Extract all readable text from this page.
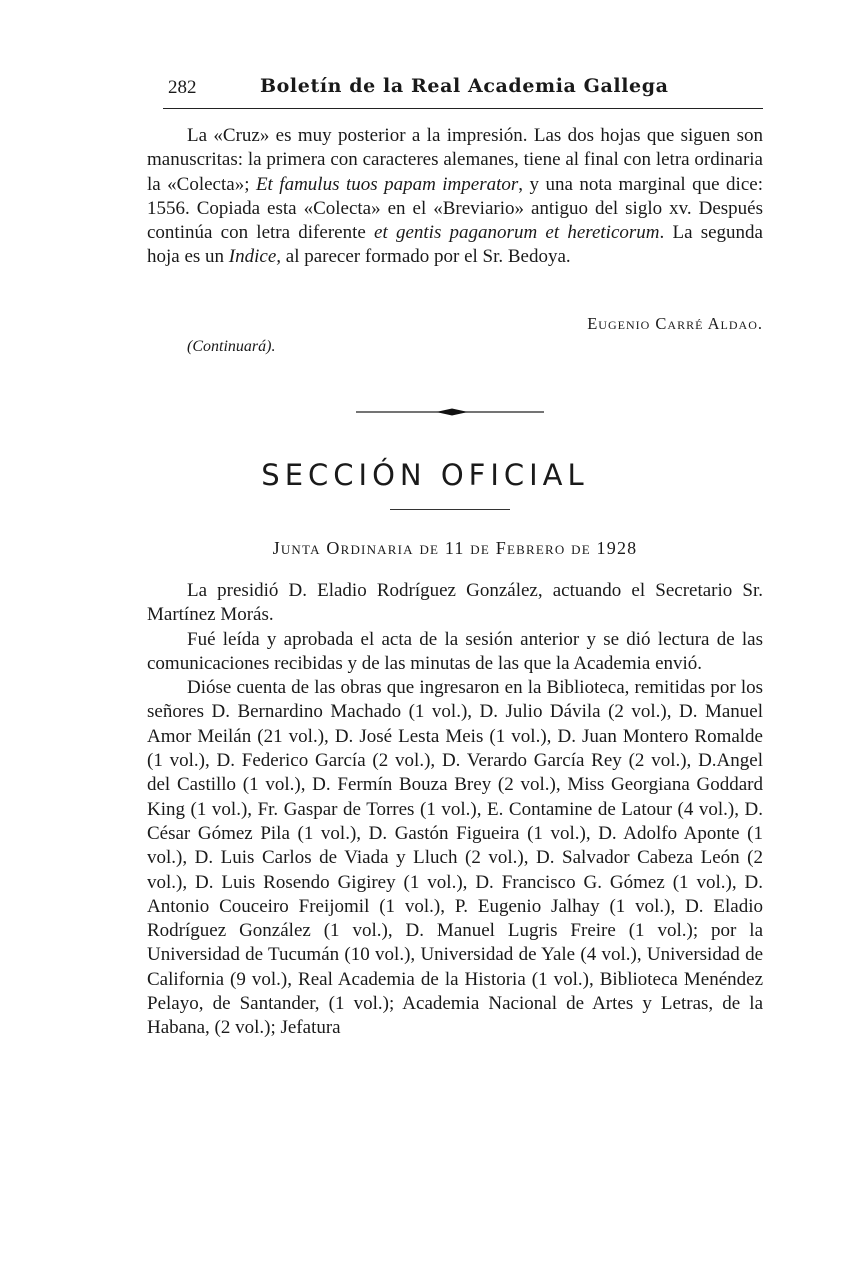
282	Boletín de la Real Academia Gallega

La «Cruz» es muy posterior a la impresión. Las dos hojas que siguen son manuscritas: la primera con caracteres alemanes, tiene al final con letra ordinaria la «Colecta»; Et famulus tuos papam imperator, y una nota marginal que dice: 1556. Copiada esta «Colecta» en el «Breviario» antiguo del siglo xv. Después continúa con letra diferente et gentis paganorum et hereticorum. La segunda hoja es un Indice, al parecer formado por el Sr. Bedoya.

Eugenio Carré Aldao.
(Continuará).
SECCIÓN OFICIAL
Junta Ordinaria de 11 de Febrero de 1928

La presidió D. Eladio Rodríguez González, actuando el Secretario Sr. Martínez Morás.

Fué leída y aprobada el acta de la sesión anterior y se dió lectura de las comunicaciones recibidas y de las minutas de las que la Academia envió.

Dióse cuenta de las obras que ingresaron en la Biblioteca, remitidas por los señores D. Bernardino Machado (1 vol.), D. Julio Dávila (2 vol.), D. Manuel Amor Meilán (21 vol.), D. José Lesta Meis (1 vol.), D. Juan Montero Romalde (1 vol.), D. Federico García (2 vol.), D. Verardo García Rey (2 vol.), D.Angel del Castillo (1 vol.), D. Fermín Bouza Brey (2 vol.), Miss Georgiana Goddard King (1 vol.), Fr. Gaspar de Torres (1 vol.), E. Contamine de Latour (4 vol.), D. César Gómez Pila (1 vol.), D. Gastón Figueira (1 vol.), D. Adolfo Aponte (1 vol.), D. Luis Carlos de Viada y Lluch (2 vol.), D. Salvador Cabeza León (2 vol.), D. Luis Rosendo Gigirey (1 vol.), D. Francisco G. Gómez (1 vol.), D. Antonio Couceiro Freijomil (1 vol.), P. Eugenio Jalhay (1 vol.), D. Eladio Rodríguez González (1 vol.), D. Manuel Lugris Freire (1 vol.); por la Universidad de Tucumán (10 vol.), Universidad de Yale (4 vol.), Universidad de California (9 vol.), Real Academia de la Historia (1 vol.), Biblioteca Menéndez Pelayo, de Santander, (1 vol.); Academia Nacional de Artes y Letras, de la Habana, (2 vol.); Jefatura
